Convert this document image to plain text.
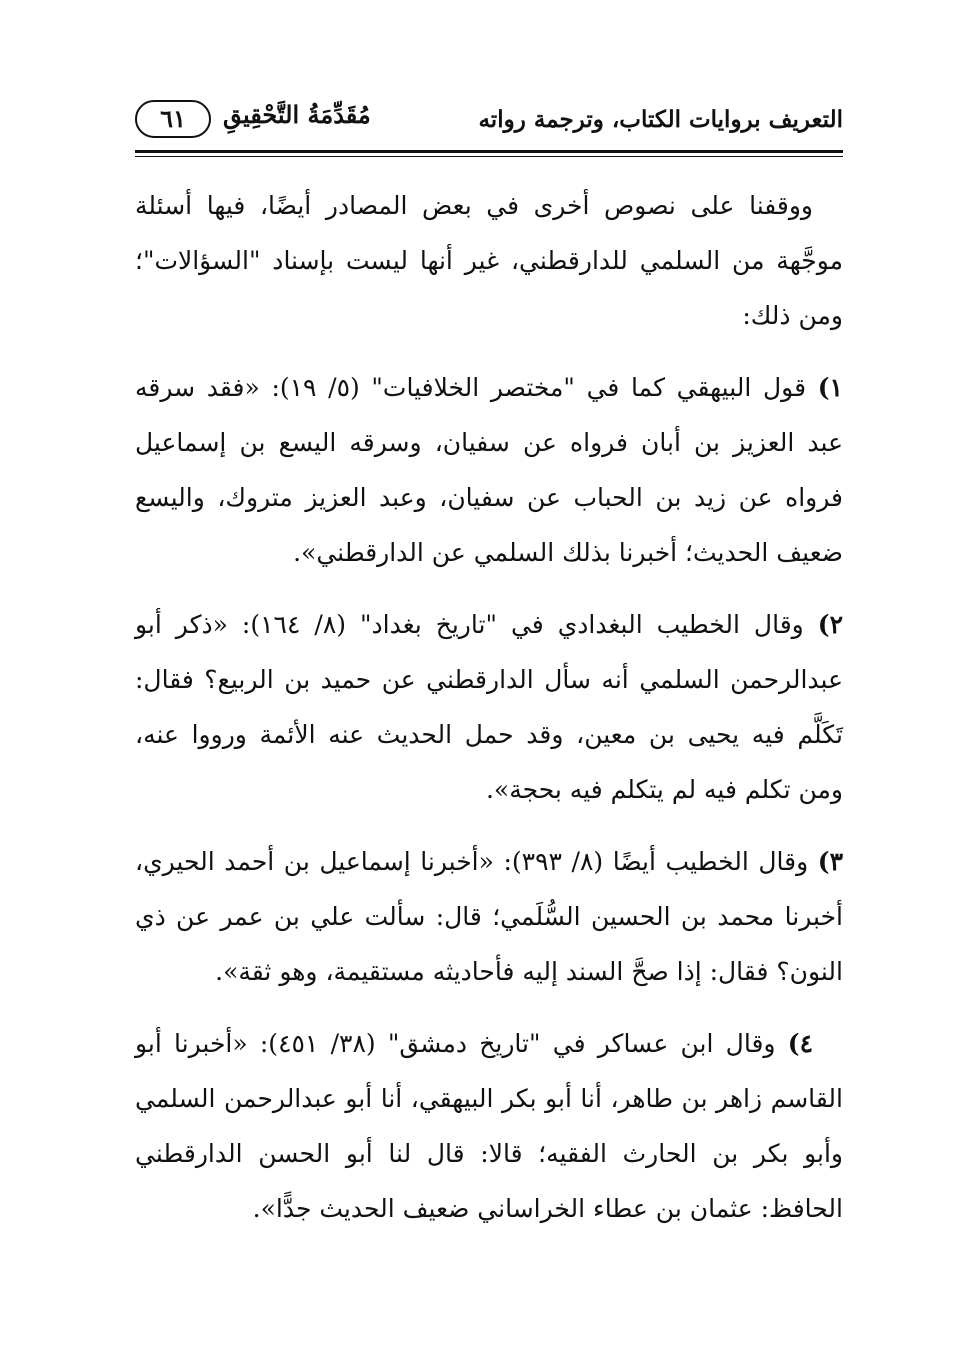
التعريف بروايات الكتاب، وترجمة رواته
مُقَدِّمَةُ التَّحْقِيقِ
٦١

ووقفنا على نصوص أخرى في بعض المصادر أيضًا، فيها أسئلة موجَّهة من السلمي للدارقطني، غير أنها ليست بإسناد "السؤالات"؛ ومن ذلك:

١) قول البيهقي كما في "مختصر الخلافيات" (٥/ ١٩): «فقد سرقه عبد العزيز بن أبان فرواه عن سفيان، وسرقه اليسع بن إسماعيل فرواه عن زيد بن الحباب عن سفيان، وعبد العزيز متروك، واليسع ضعيف الحديث؛ أخبرنا بذلك السلمي عن الدارقطني».

٢) وقال الخطيب البغدادي في "تاريخ بغداد" (٨/ ١٦٤): «ذكر أبو عبدالرحمن السلمي أنه سأل الدارقطني عن حميد بن الربيع؟ فقال: تَكَلَّم فيه يحيى بن معين، وقد حمل الحديث عنه الأئمة ورووا عنه، ومن تكلم فيه لم يتكلم فيه بحجة».

٣) وقال الخطيب أيضًا (٨/ ٣٩٣): «أخبرنا إسماعيل بن أحمد الحيري، أخبرنا محمد بن الحسين السُّلَمي؛ قال: سألت علي بن عمر عن ذي النون؟ فقال: إذا صحَّ السند إليه فأحاديثه مستقيمة، وهو ثقة».

٤) وقال ابن عساكر في "تاريخ دمشق" (٣٨/ ٤٥١): «أخبرنا أبو القاسم زاهر بن طاهر، أنا أبو بكر البيهقي، أنا أبو عبدالرحمن السلمي وأبو بكر بن الحارث الفقيه؛ قالا: قال لنا أبو الحسن الدارقطني الحافظ: عثمان بن عطاء الخراساني ضعيف الحديث جدًّا».
